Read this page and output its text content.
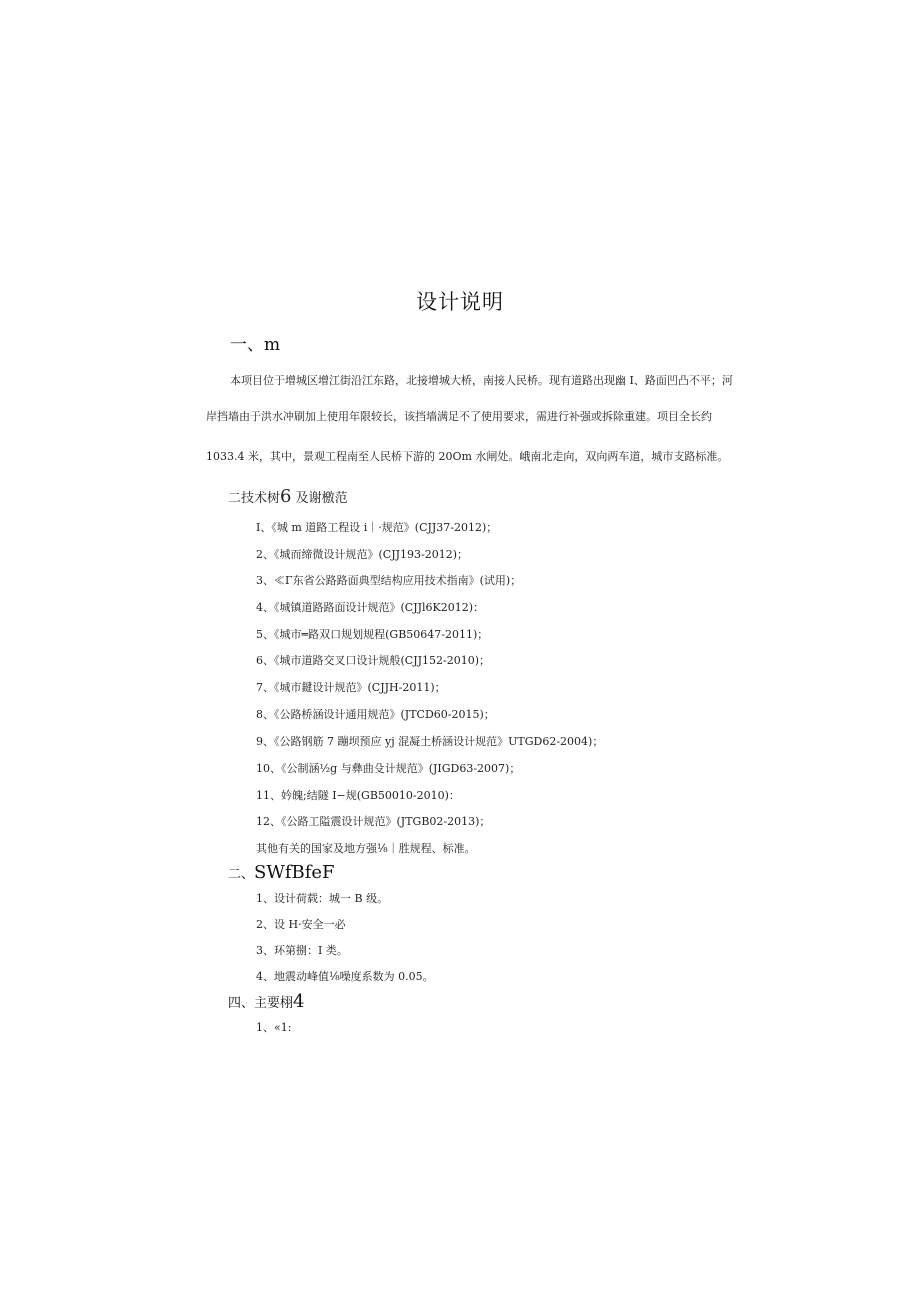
设计说明
一、m
本项目位于增城区增江街沿江东路，北接增城大桥，南接人民桥。现有道路出现幽 I、路面凹凸不平；河
岸挡墙由于洪水冲刷加上使用年限较长，该挡墙满足不了使用要求，需进行补强或拆除重建。项目全长约
1033.4 米，其中，景观工程南至人民桥下游的 20Om 水闸处。峨南北走向，双向两车道，城市支路标准。
二技术树6 及谢檄范
I、《城 m 道路工程设 i｜·规范》(CJJ37-2012)；
2、《城而缔微设计规范》(CJJ193-2012)；
3、≪Γ东省公路路面典型结构应用技术指南》(试用)；
4、《城镇道路路面设计规范》(CJJl6K2012)：
5、《城市═路双口规划规程(GB50647-2011)；
6、《城市道路交叉口设计规般(CJJ152-2010)；
7、《城市鍵设计规范》(CJJH-2011)；
8、《公路桥涵设计通用规范》(JTCD60-2015)；
9、《公路钢筋 7 蹦坝预应 yj 混凝土桥涵设计规范》UTGD62-2004)；
10、《公制涵½g 与彝曲殳计规范》(JIGD63-2007)；
11、妗魄;结隧 I−规(GB50010-2010)：
12、《公路工隘震设计规范》(JTGB02-2013)；
其他有关的国家及地方强⅛｜胜规程、标准。
二、SWfBfeF
1、设计荷载：城一 B 级。
2、设 H·安全一必
3、环第捌：I 类。
4、地震动峰值⅛噪度系数为 0.05。
四、主要栩4
1、«1:
